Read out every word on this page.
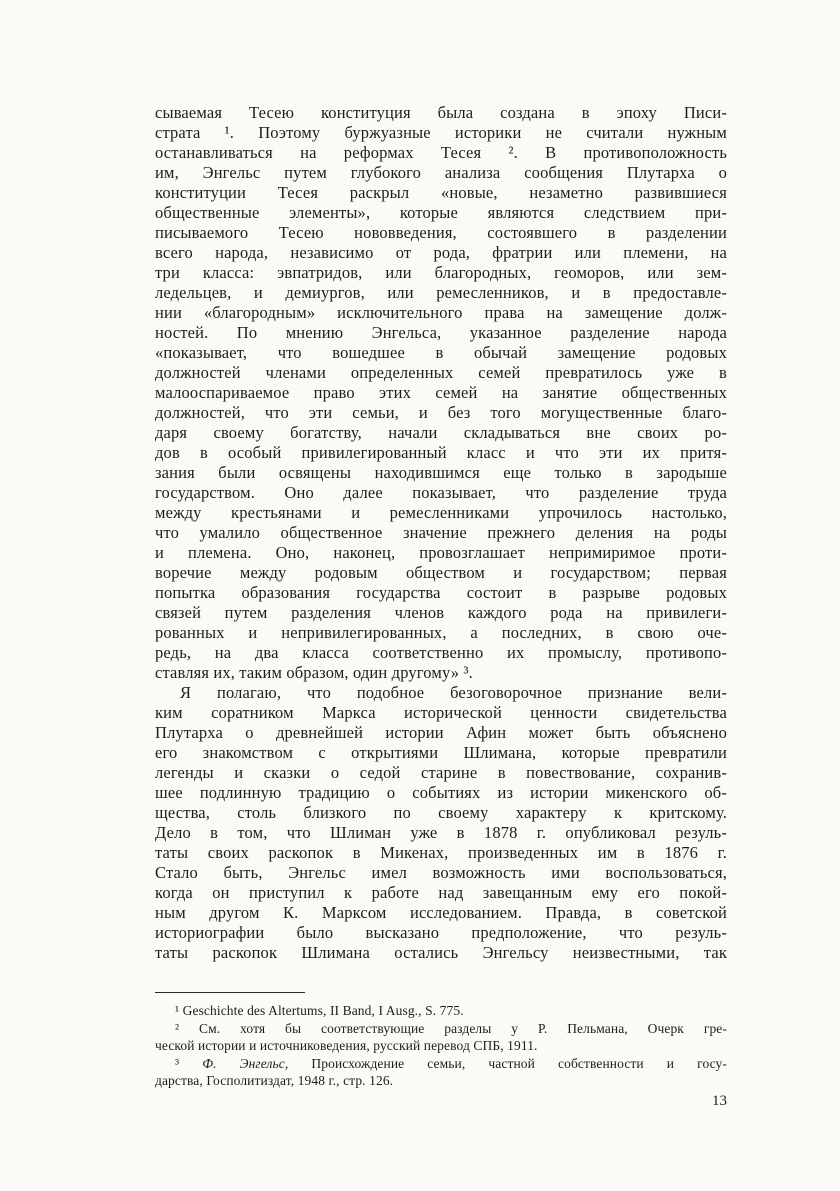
сываемая Тесею конституция была создана в эпоху Писи-
страта ¹. Поэтому буржуазные историки не считали нужным
останавливаться на реформах Тесея ². В противоположность
им, Энгельс путем глубокого анализа сообщения Плутарха о
конституции Тесея раскрыл «новые, незаметно развившиеся
общественные элементы», которые являются следствием при-
писываемого Тесею нововведения, состоявшего в разделении
всего народа, независимо от рода, фратрии или племени, на
три класса: эвпатридов, или благородных, геоморов, или зем-
ледельцев, и демиургов, или ремесленников, и в предоставле-
нии «благородным» исключительного права на замещение долж-
ностей. По мнению Энгельса, указанное разделение народа
«показывает, что вошедшее в обычай замещение родовых
должностей членами определенных семей превратилось уже в
малооспариваемое право этих семей на занятие общественных
должностей, что эти семьи, и без того могущественные благо-
даря своему богатству, начали складываться вне своих ро-
дов в особый привилегированный класс и что эти их притя-
зания были освящены находившимся еще только в зародыше
государством. Оно далее показывает, что разделение труда
между крестьянами и ремесленниками упрочилось настолько,
что умалило общественное значение прежнего деления на роды
и племена. Оно, наконец, провозглашает непримиримое проти-
воречие между родовым обществом и государством; первая
попытка образования государства состоит в разрыве родовых
связей путем разделения членов каждого рода на привилеги-
рованных и непривилегированных, а последних, в свою оче-
редь, на два класса соответственно их промыслу, противопо-
ставляя их, таким образом, один другому» ³.
Я полагаю, что подобное безоговорочное признание вели-
ким соратником Маркса исторической ценности свидетельства
Плутарха о древнейшей истории Афин может быть объяснено
его знакомством с открытиями Шлимана, которые превратили
легенды и сказки о седой старине в повествование, сохранив-
шее подлинную традицию о событиях из истории микенского об-
щества, столь близкого по своему характеру к критскому.
Дело в том, что Шлиман уже в 1878 г. опубликовал резуль-
таты своих раскопок в Микенах, произведенных им в 1876 г.
Стало быть, Энгельс имел возможность ими воспользоваться,
когда он приступил к работе над завещанным ему его покой-
ным другом К. Марксом исследованием. Правда, в советской
историографии было высказано предположение, что резуль-
таты раскопок Шлимана остались Энгельсу неизвестными, так
¹ Geschichte des Altertums, II Band, I Ausg., S. 775.
² См. хотя бы соответствующие разделы у Р. Пельмана, Очерк гре-
ческой истории и источниковедения, русский перевод СПБ, 1911.
³ Ф. Энгельс, Происхождение семьи, частной собственности и госу-
дарства, Госполитиздат, 1948 г., стр. 126.
13
